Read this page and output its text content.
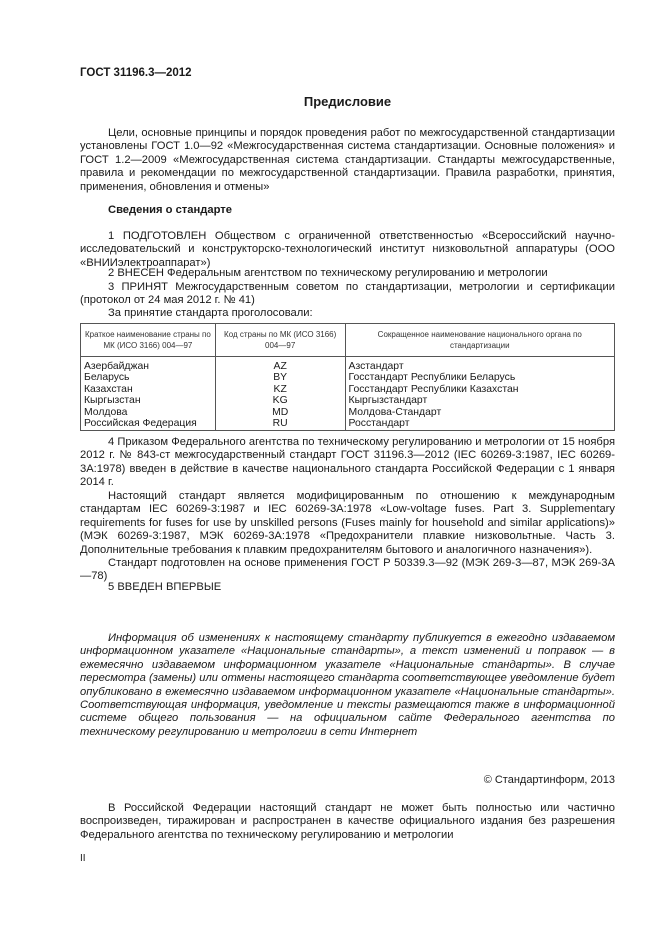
ГОСТ 31196.3—2012
Предисловие
Цели, основные принципы и порядок проведения работ по межгосударственной стандартизации установлены ГОСТ 1.0—92 «Межгосударственная система стандартизации. Основные положения» и ГОСТ 1.2—2009 «Межгосударственная система стандартизации. Стандарты межгосударственные, правила и рекомендации по межгосударственной стандартизации. Правила разработки, принятия, применения, обновления и отмены»
Сведения о стандарте
1 ПОДГОТОВЛЕН Обществом с ограниченной ответственностью «Всероссийский научно-исследовательский и конструкторско-технологический институт низковольтной аппаратуры (ООО «ВНИИэлектроаппарат»)
2 ВНЕСЕН Федеральным агентством по техническому регулированию и метрологии
3 ПРИНЯТ Межгосударственным советом по стандартизации, метрологии и сертификации (протокол от 24 мая 2012 г. № 41)
За принятие стандарта проголосовали:
Краткое наименование страны по МК (ИСО 3166) 004—97	Код страны по МК (ИСО 3166) 004—97	Сокращенное наименование национального органа по стандартизации
Азербайджан	AZ	Азстандарт
Беларусь	BY	Госстандарт Республики Беларусь
Казахстан	KZ	Госстандарт Республики Казахстан
Кыргызстан	KG	Кыргызстандарт
Молдова	MD	Молдова-Стандарт
Российская Федерация	RU	Росстандарт
4 Приказом Федерального агентства по техническому регулированию и метрологии от 15 ноября 2012 г. № 843-ст межгосударственный стандарт ГОСТ 31196.3—2012 (IEC 60269-3:1987, IEC 60269-3A:1978) введен в действие в качестве национального стандарта Российской Федерации с 1 января 2014 г.
Настоящий стандарт является модифицированным по отношению к международным стандартам IEC 60269-3:1987 и IEC 60269-3A:1978 «Low-voltage fuses. Part 3. Supplementary requirements for fuses for use by unskilled persons (Fuses mainly for household and similar applications)» (МЭК 60269-3:1987, МЭК 60269-3A:1978 «Предохранители плавкие низковольтные. Часть 3. Дополнительные требования к плавким предохранителям бытового и аналогичного назначения»).
Стандарт подготовлен на основе применения ГОСТ Р 50339.3—92 (МЭК 269-3—87, МЭК 269-3А—78)
5 ВВЕДЕН ВПЕРВЫЕ
Информация об изменениях к настоящему стандарту публикуется в ежегодно издаваемом информационном указателе «Национальные стандарты», а текст изменений и поправок — в ежемесячно издаваемом информационном указателе «Национальные стандарты». В случае пересмотра (замены) или отмены настоящего стандарта соответствующее уведомление будет опубликовано в ежемесячно издаваемом информационном указателе «Национальные стандарты». Соответствующая информация, уведомление и тексты размещаются также в информационной системе общего пользования — на официальном сайте Федерального агентства по техническому регулированию и метрологии в сети Интернет
© Стандартинформ, 2013
В Российской Федерации настоящий стандарт не может быть полностью или частично воспроизведен, тиражирован и распространен в качестве официального издания без разрешения Федерального агентства по техническому регулированию и метрологии
II
